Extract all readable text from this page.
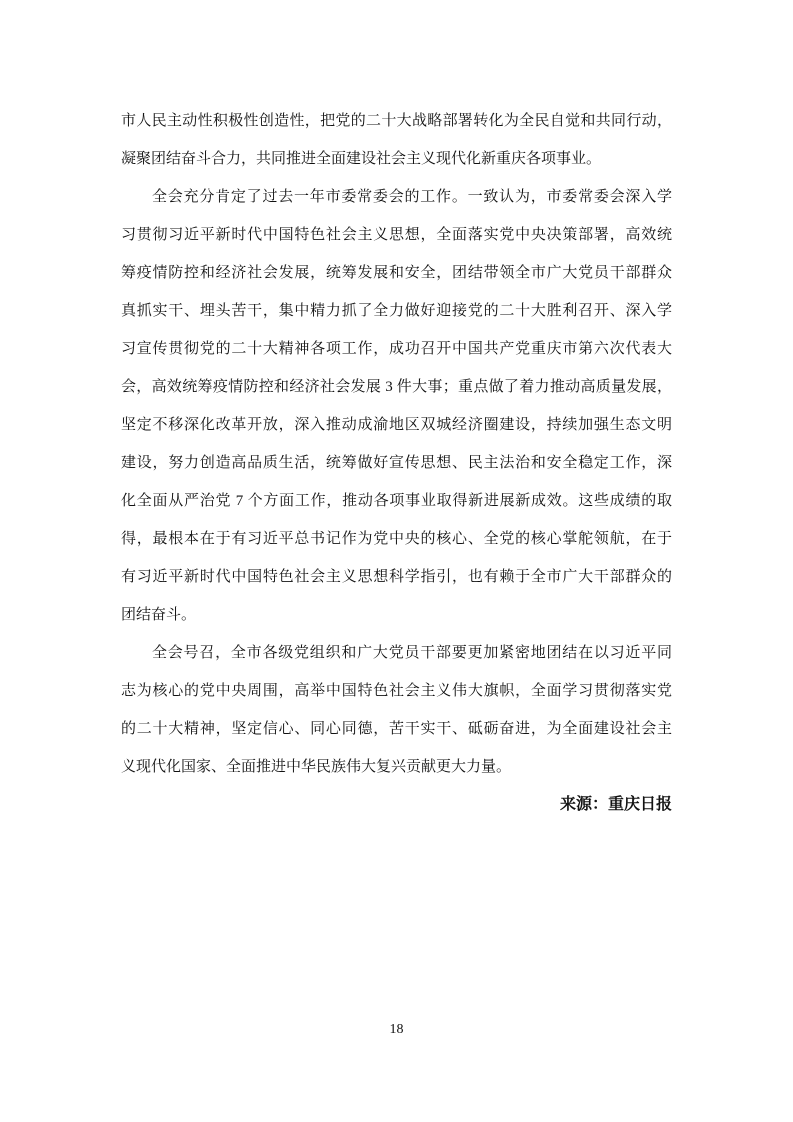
市人民主动性积极性创造性，把党的二十大战略部署转化为全民自觉和共同行动，
凝聚团结奋斗合力，共同推进全面建设社会主义现代化新重庆各项事业。
全会充分肯定了过去一年市委常委会的工作。一致认为，市委常委会深入学
习贯彻习近平新时代中国特色社会主义思想，全面落实党中央决策部署，高效统
筹疫情防控和经济社会发展，统筹发展和安全，团结带领全市广大党员干部群众
真抓实干、埋头苦干，集中精力抓了全力做好迎接党的二十大胜利召开、深入学
习宣传贯彻党的二十大精神各项工作，成功召开中国共产党重庆市第六次代表大
会，高效统筹疫情防控和经济社会发展 3 件大事；重点做了着力推动高质量发展，
坚定不移深化改革开放，深入推动成渝地区双城经济圈建设，持续加强生态文明
建设，努力创造高品质生活，统筹做好宣传思想、民主法治和安全稳定工作，深
化全面从严治党 7 个方面工作，推动各项事业取得新进展新成效。这些成绩的取
得，最根本在于有习近平总书记作为党中央的核心、全党的核心掌舵领航，在于
有习近平新时代中国特色社会主义思想科学指引，也有赖于全市广大干部群众的
团结奋斗。
全会号召，全市各级党组织和广大党员干部要更加紧密地团结在以习近平同
志为核心的党中央周围，高举中国特色社会主义伟大旗帜，全面学习贯彻落实党
的二十大精神，坚定信心、同心同德，苦干实干、砥砺奋进，为全面建设社会主
义现代化国家、全面推进中华民族伟大复兴贡献更大力量。
来源：重庆日报
18
